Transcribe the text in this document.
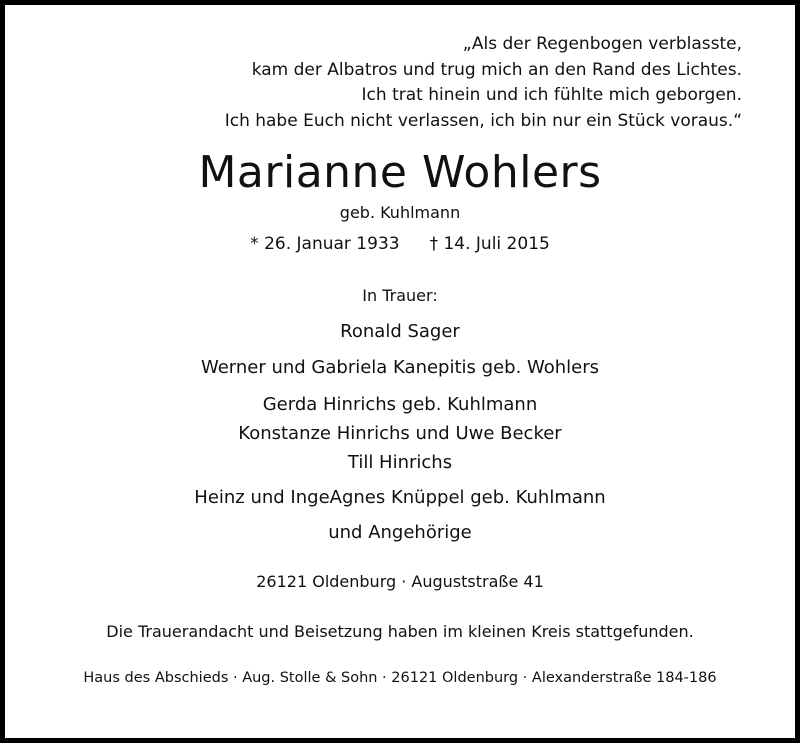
„Als der Regenbogen verblasste,
kam der Albatros und trug mich an den Rand des Lichtes.
Ich trat hinein und ich fühlte mich geborgen.
Ich habe Euch nicht verlassen, ich bin nur ein Stück voraus.“
Marianne Wohlers
geb. Kuhlmann
* 26. Januar 1933 † 14. Juli 2015
In Trauer:
Ronald Sager
Werner und Gabriela Kanepitis geb. Wohlers
Gerda Hinrichs geb. Kuhlmann
Konstanze Hinrichs und Uwe Becker
Till Hinrichs
Heinz und IngeAgnes Knüppel geb. Kuhlmann
und Angehörige
26121 Oldenburg · Auguststraße 41
Die Trauerandacht und Beisetzung haben im kleinen Kreis stattgefunden.
Haus des Abschieds · Aug. Stolle & Sohn · 26121 Oldenburg · Alexanderstraße 184-186
